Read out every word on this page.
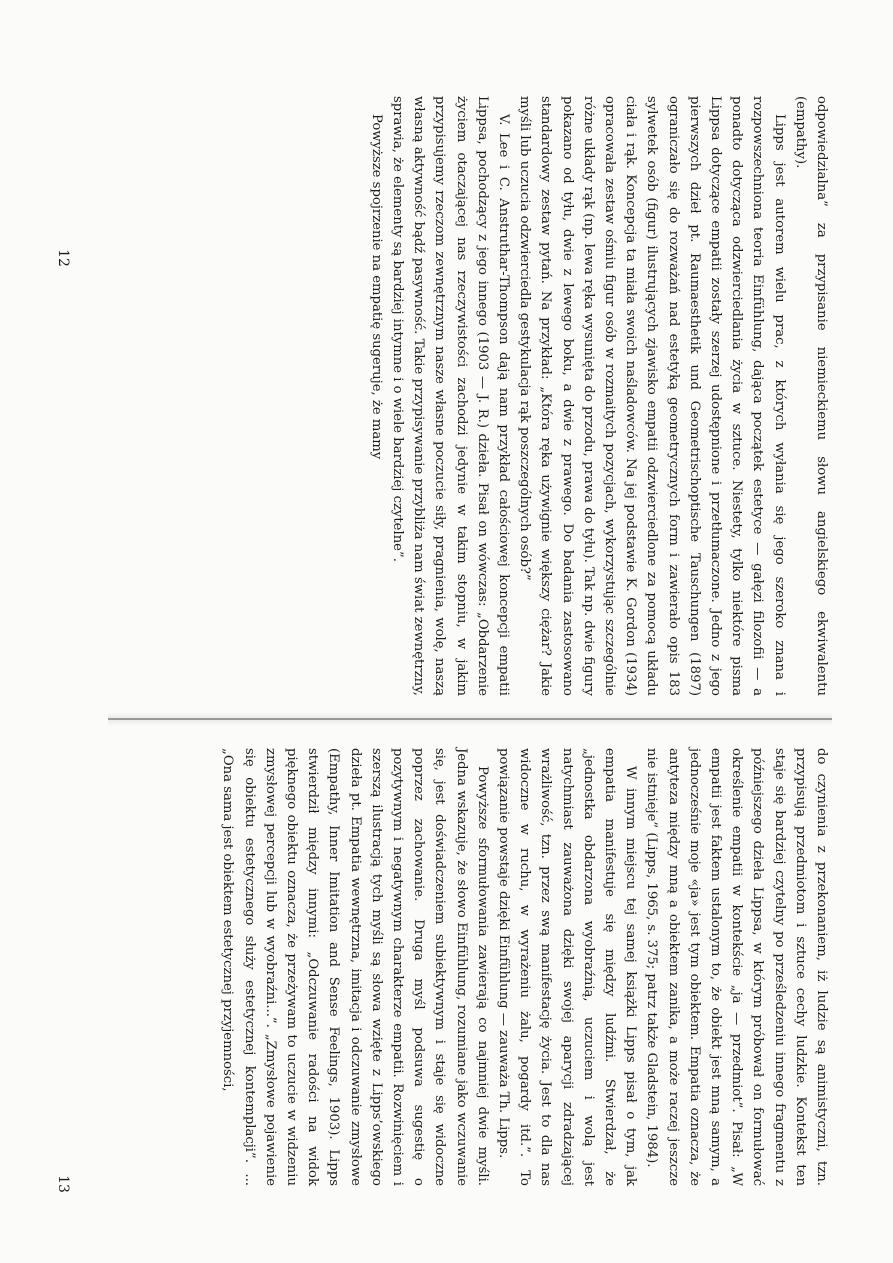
odpowiedzialna” za przypisanie niemieckiemu słowu angielskiego ekwiwalentu (empathy).

Lipps jest autorem wielu prac, z których wyłania się jego szeroko znana i rozpowszechniona teoria Einfühlung, dająca początek estetyce — gałęzi filozofii — a ponadto dotycząca odzwierciedlania życia w sztuce. Niestety, tylko niektóre pisma Lippsa dotyczące empatii zostały szerzej udostępnione i przetłumaczone. Jedno z jego pierwszych dzieł pt. Raumaesthetik und Geometrischoptische Tauschungen (1897) ograniczało się do rozważań nad estetyką geometrycznych form i zawierało opis 183 sylwetek osób (figur) ilustrujących zjawisko empatii odzwierciedlone za pomocą układu ciała i rąk. Koncepcja ta miała swoich naśladowców. Na jej podstawie K. Gordon (1934) opracowała zestaw ośmiu figur osób w rozmaitych pozycjach, wykorzystując szczególnie różne układy rąk (np. lewa ręka wysunięta do przodu, prawa do tyłu). Tak np. dwie figury pokazano od tyłu, dwie z lewego boku, a dwie z prawego. Do badania zastosowano standardowy zestaw pytań. Na przykład: „Która ręka używignie większy ciężar? Jakie myśli lub uczucia odzwierciedla gestykulacja rąk poszczególnych osób?”

V. Lee i C. Anstruthar-Thompson dają nam przykład całościowej koncepcji empatii Lippsa, pochodzący z jego innego (1903 — J. R.) dzieła. Pisał on wówczas: „Obdarzenie życiem otaczającej nas rzeczywistości zachodzi jedynie w takim stopniu, w jakim przypisujemy rzeczom zewnętrznym nasze własne poczucie siły, pragnienia, wolę, naszą własną aktywność bądź pasywność. Takie przypisywanie przybliża nam świat zewnętrzny, sprawia, że elementy są bardziej intymne i o wiele bardziej czytelne”.

Powyższe spojrzenie na empatię sugeruje, że mamy

do czynienia z przekonaniem, iż ludzie są animistyczni, tzn. przypisują przedmiotom i sztuce cechy ludzkie. Kontekst ten staje się bardziej czytelny po prześledzeniu innego fragmentu z późniejszego dzieła Lippsa, w którym próbował on formułować określenie empatii w kontekście „ja — przedmiot”. Pisał: „W empatii jest faktem ustalonym to, że obiekt jest mną samym, a jednocześnie moje «ja» jest tym obiektem. Empatia oznacza, że antyteza między mną a obiektem zanika, a może raczej jeszcze nie istnieje” (Lipps, 1965, s. 375; patrz także Gladstein, 1984).

W innym miejscu tej samej książki Lipps pisał o tym, jak empatia manifestuje się między ludźmi. Stwierdzał, że „jednostka obdarzona wyobraźnią, uczuciem i wolą jest natychmiast zauważona dzięki swojej aparycji zdradzającej wrażliwość, tzn. przez swą manifestację życia. Jest to dla nas widoczne w ruchu, w wyrażeniu żalu, pogardy itd.”. To powiązanie powstaje dzięki Einfühlung — zauważa Th. Lipps.

Powyższe sformułowania zawierają co najmniej dwie myśli. Jedna wskazuje, że słowo Einfühlung, rozumiane jako wczuwanie się, jest doświadczeniem subiektywnym i staje się widoczne poprzez zachowanie. Druga myśl podsuwa sugestię o pozytywnym i negatywnym charakterze empatii. Rozwinięciem i szerszą ilustracją tych myśli są słowa wzięte z Lipps’owskiego dzieła pt. Empatia wewnętrzna, imitacja i odczuwanie zmysłowe (Empathy, Inner Imitation and Sense Feelings, 1903). Lipps stwierdził między innymi: „Odczuwanie radości na widok pięknego obiektu oznacza, że przeżywam to uczucie w widzeniu zmysłowej percepcji lub w wyobraźni...”. „Zmysłowe pojawienie się obiektu estetycznego służy estetycznej kontemplacji”. ... „Ona sama jest obiektem estetycznej przyjemności,

12
13
